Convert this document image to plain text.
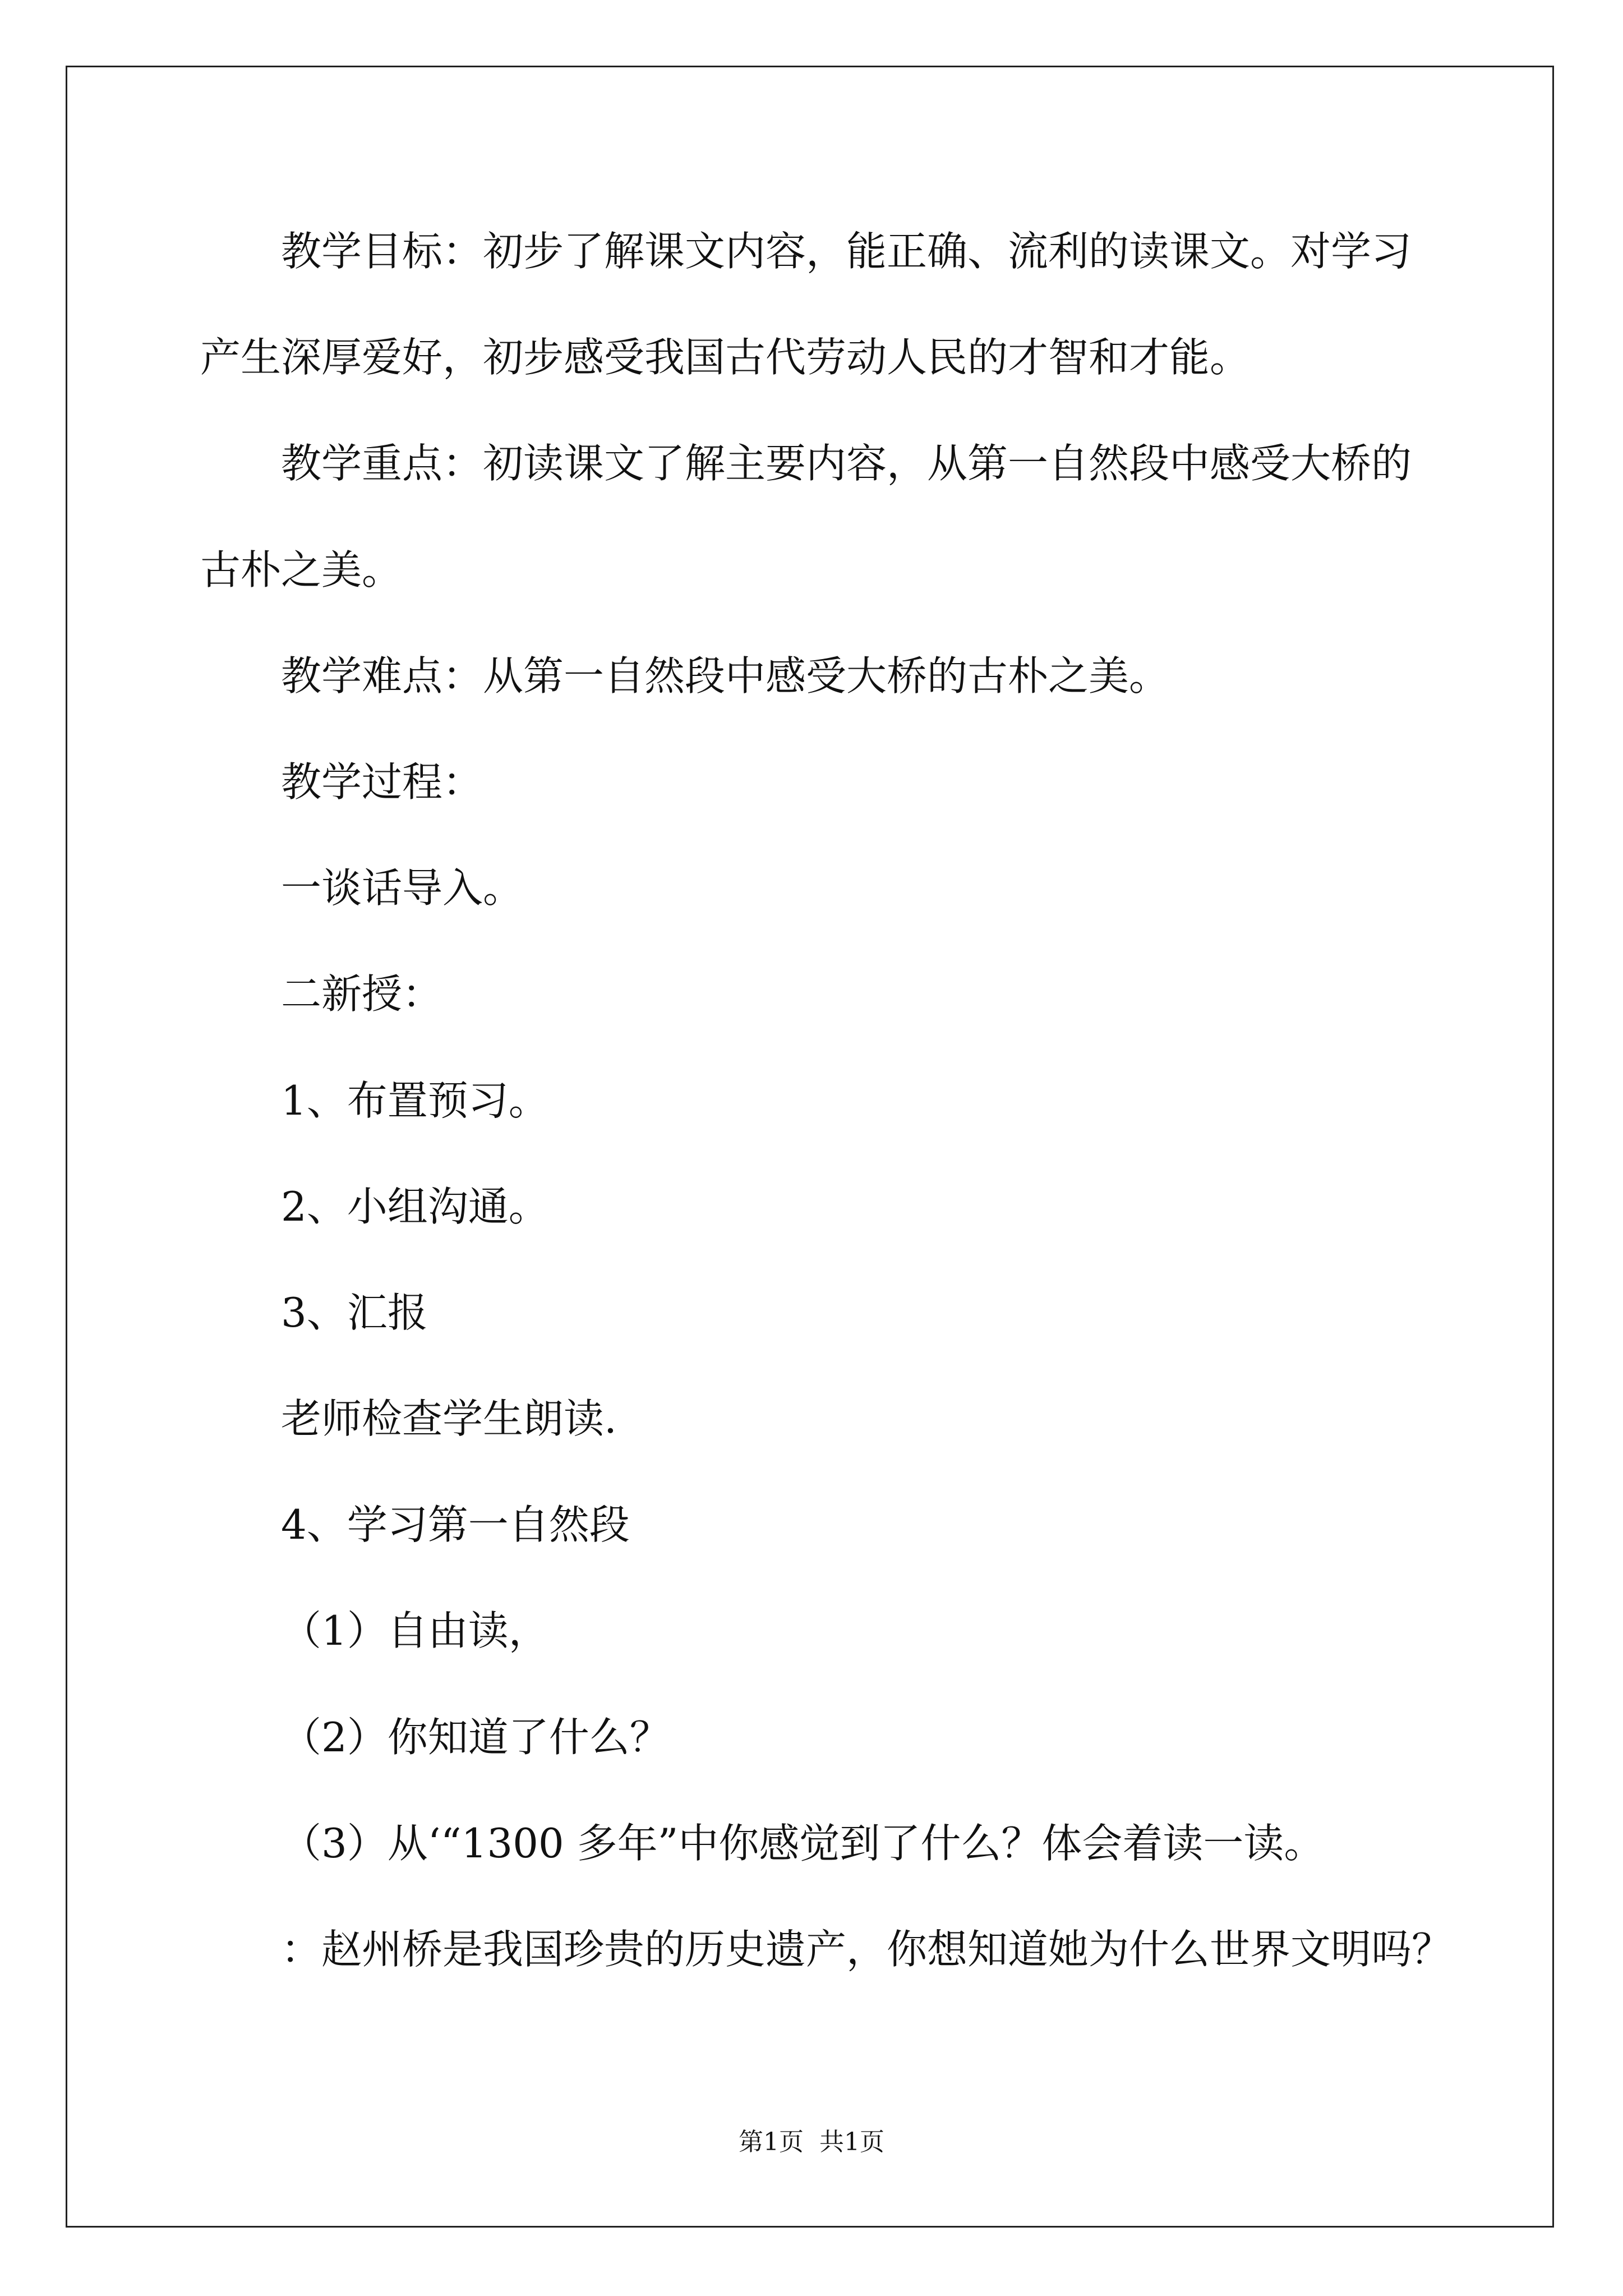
教学目标：初步了解课文内容，能正确、流利的读课文。对学习
产生深厚爱好，初步感受我国古代劳动人民的才智和才能。
教学重点：初读课文了解主要内容，从第一自然段中感受大桥的
古朴之美。
教学难点：从第一自然段中感受大桥的古朴之美。
教学过程：
一谈话导入。
二新授：
1、布置预习。
2、小组沟通。
3、汇报
老师检查学生朗读.
4、学习第一自然段
（1）自由读，
（2）你知道了什么？
（3）从‘“1300 多年”中你感觉到了什么？体会着读一读。
：赵州桥是我国珍贵的历史遗产，你想知道她为什么世界文明吗？
第1页  共1页
